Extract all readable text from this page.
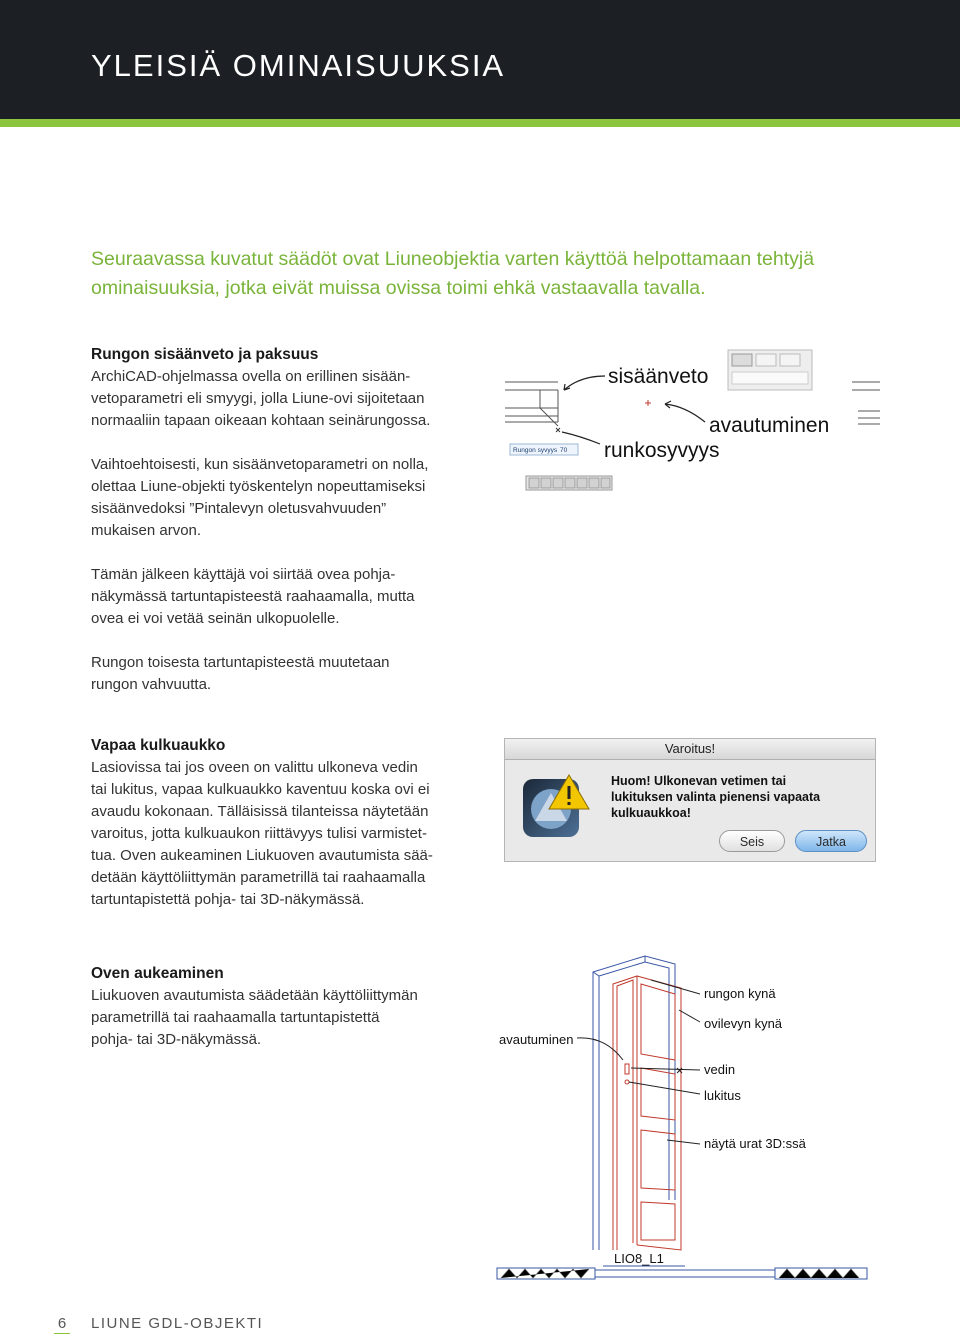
YLEISIÄ OMINAISUUKSIA

Seuraavassa kuvatut säädöt ovat Liuneobjektia varten käyttöä helpottamaan tehtyjä ominaisuuksia, jotka eivät muissa ovissa toimi ehkä vastaavalla tavalla.

Rungon sisäänveto ja paksuus

ArchiCAD-ohjelmassa ovella on erillinen sisään-
vetoparametri eli smyygi, jolla Liune-ovi sijoitetaan
normaaliin tapaan oikeaan kohtaan seinärungossa.

Vaihtoehtoisesti, kun sisäänvetoparametri on nolla,
olettaa Liune-objekti työskentelyn nopeuttamiseksi
sisäänvedoksi ”Pintalevyn oletusvahvuuden”
mukaisen arvon.

Tämän jälkeen käyttäjä voi siirtää ovea pohja-
näkymässä tartuntapisteestä raahaamalla, mutta
ovea ei voi vetää seinän ulkopuolelle.

Rungon toisesta tartuntapisteestä muutetaan
rungon vahvuutta.

sisäänveto
avautuminen
runkosyvyys
Rungon syvyys 70
Vapaa kulkuaukko

Lasiovissa tai jos oveen on valittu ulkoneva vedin
tai lukitus, vapaa kulkuaukko kaventuu koska ovi ei
avaudu kokonaan. Tälläisissä tilanteissa näytetään
varoitus, jotta kulkuaukon riittävyys tulisi varmistet-
tua. Oven aukeaminen Liukuoven avautumista sää-
detään käyttöliittymän parametrillä tai raahaamalla
tartuntapistettä pohja- tai 3D-näkymässä.

Varoitus!

Huom! Ulkonevan vetimen tai
lukituksen valinta pienensi vapaata
kulkuaukkoa!

Seis	Jatka
Oven aukeaminen

Liukuoven avautumista säädetään käyttöliittymän
parametrillä tai raahaamalla tartuntapistettä
pohja- tai 3D-näkymässä.	avautuminen
rungon kynä
ovilevyn kynä
vedin
lukitus
näytä urat 3D:ssä
LIO8_L1
6 LIUNE GDL-OBJEKTI
